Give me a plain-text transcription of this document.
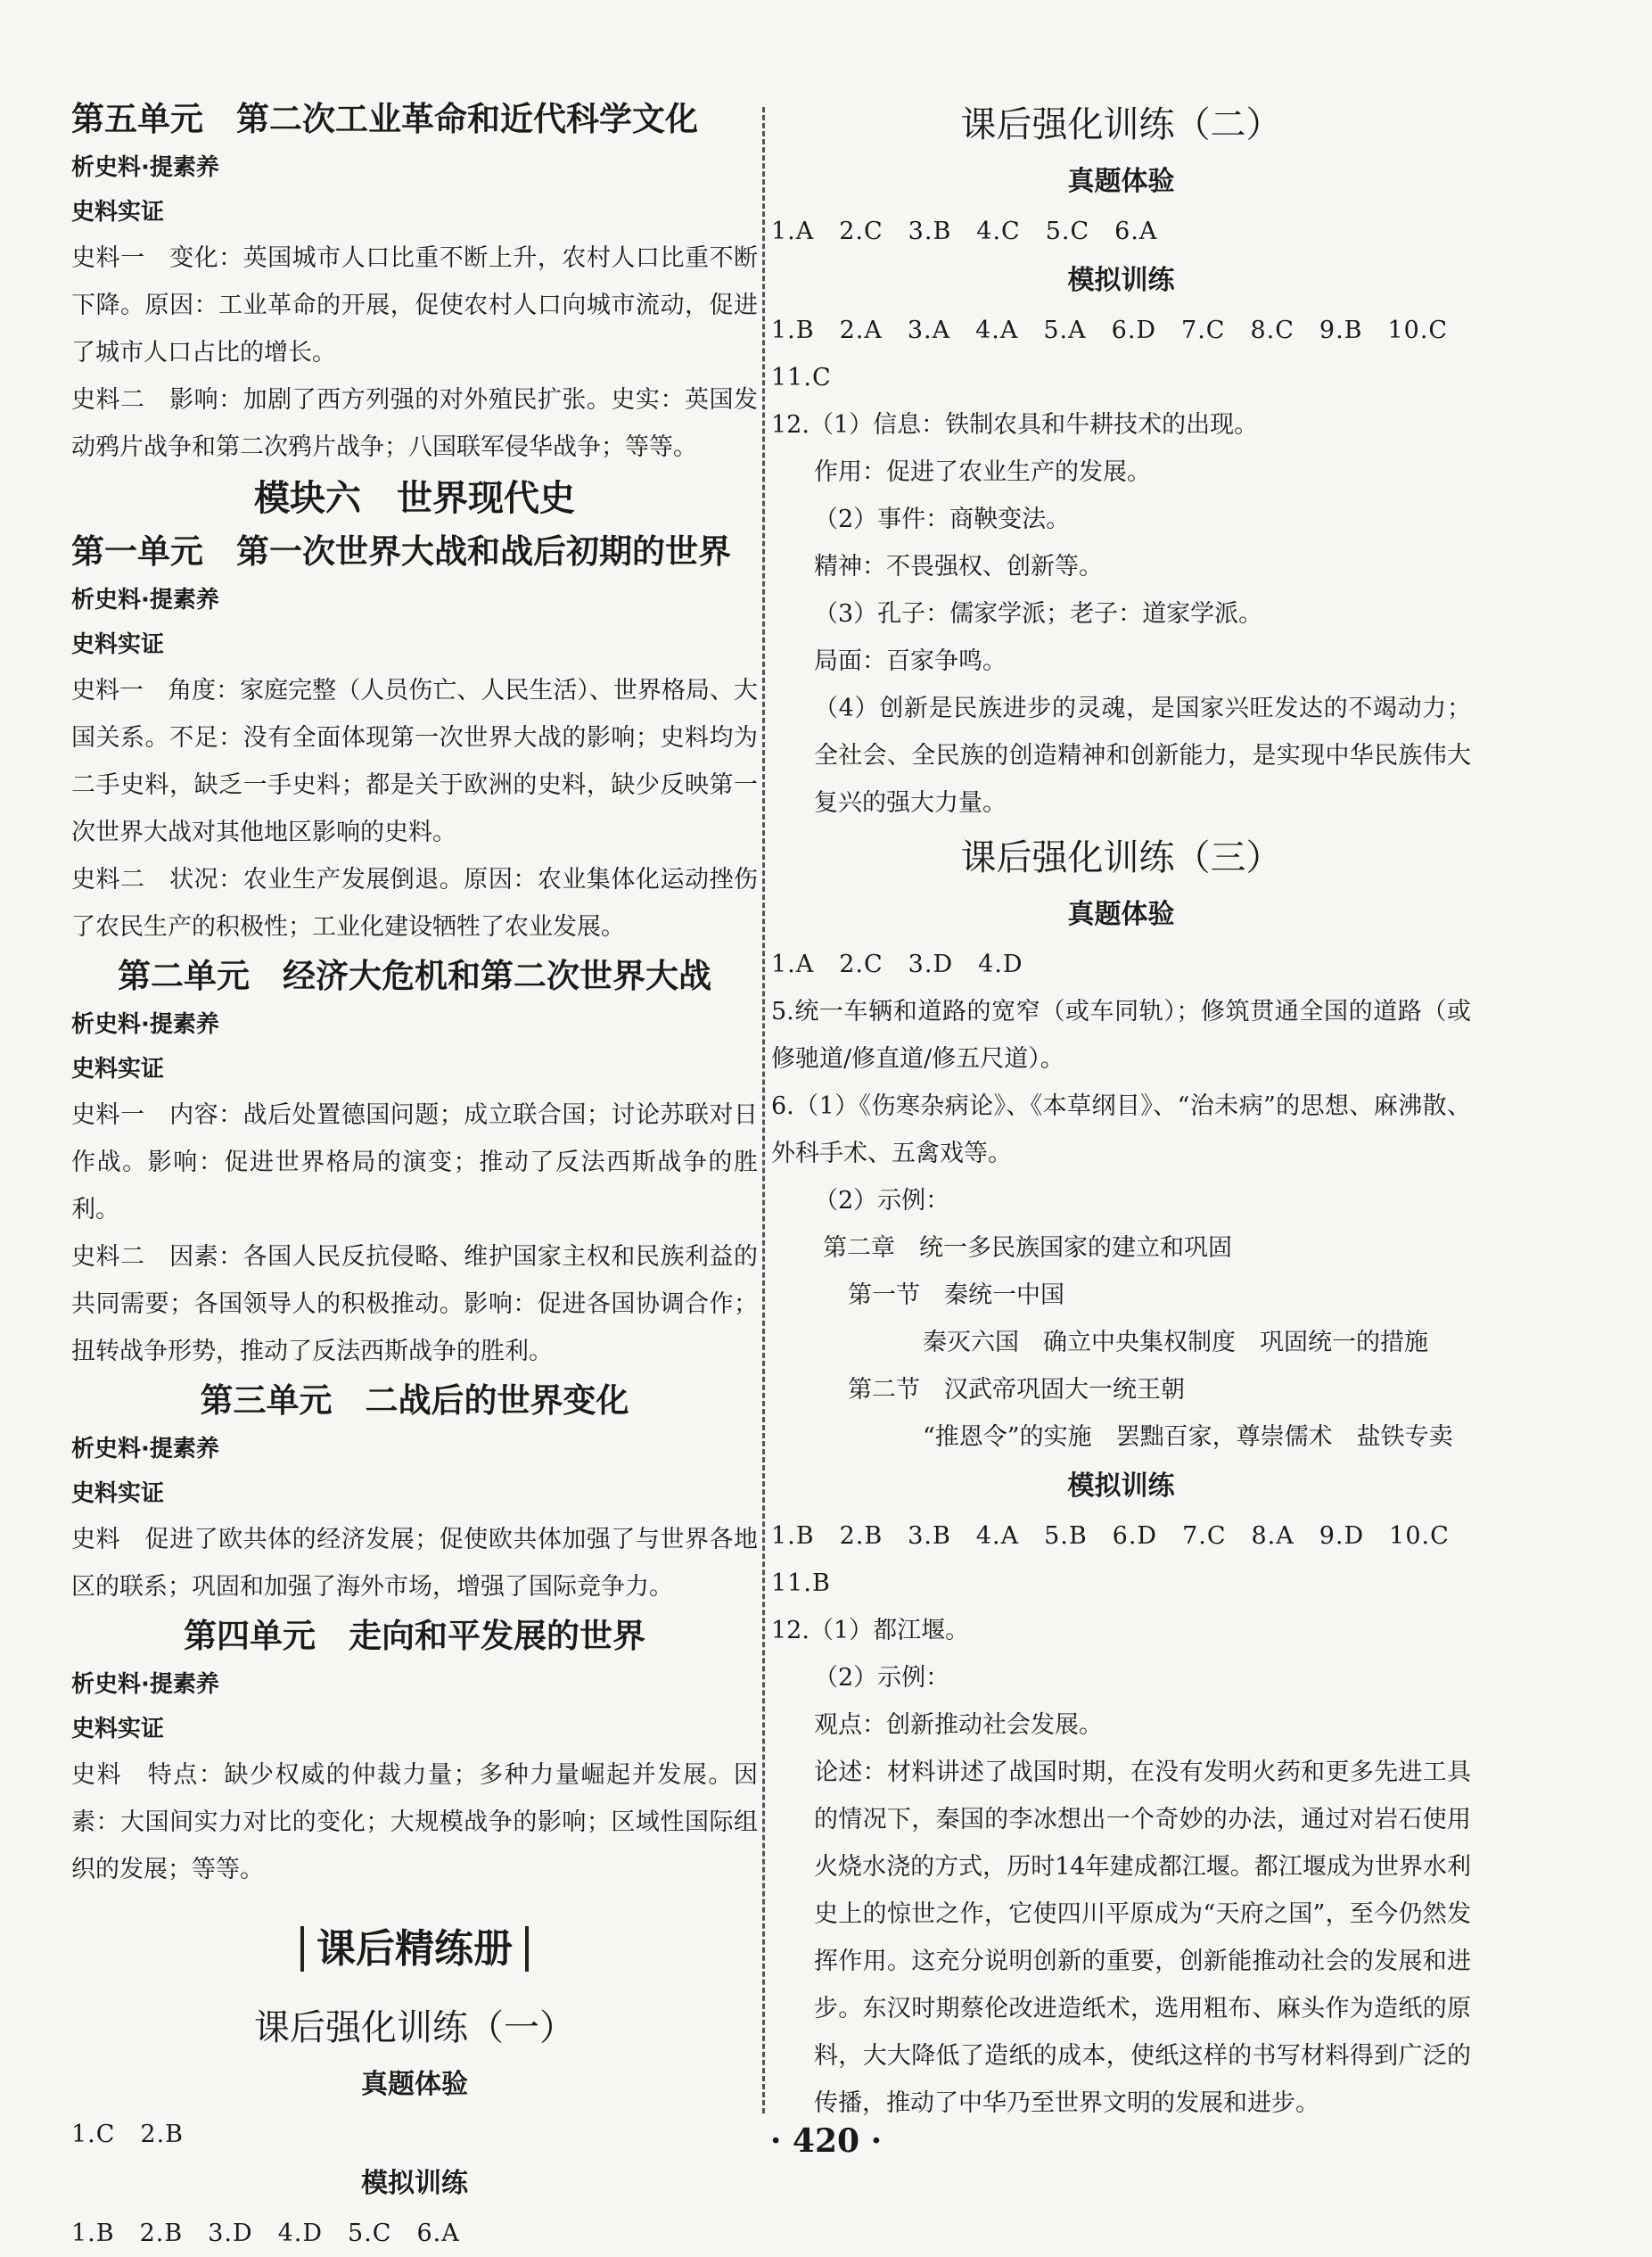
第五单元　第二次工业革命和近代科学文化
析史料·提素养
史料实证
史料一　变化：英国城市人口比重不断上升，农村人口比重不断下降。原因：工业革命的开展，促使农村人口向城市流动，促进了城市人口占比的增长。
史料二　影响：加剧了西方列强的对外殖民扩张。史实：英国发动鸦片战争和第二次鸦片战争；八国联军侵华战争；等等。
模块六　世界现代史
第一单元　第一次世界大战和战后初期的世界
析史料·提素养
史料实证
史料一　角度：家庭完整（人员伤亡、人民生活）、世界格局、大国关系。不足：没有全面体现第一次世界大战的影响；史料均为二手史料，缺乏一手史料；都是关于欧洲的史料，缺少反映第一次世界大战对其他地区影响的史料。
史料二　状况：农业生产发展倒退。原因：农业集体化运动挫伤了农民生产的积极性；工业化建设牺牲了农业发展。
第二单元　经济大危机和第二次世界大战
析史料·提素养
史料实证
史料一　内容：战后处置德国问题；成立联合国；讨论苏联对日作战。影响：促进世界格局的演变；推动了反法西斯战争的胜利。
史料二　因素：各国人民反抗侵略、维护国家主权和民族利益的共同需要；各国领导人的积极推动。影响：促进各国协调合作；扭转战争形势，推动了反法西斯战争的胜利。
第三单元　二战后的世界变化
析史料·提素养
史料实证
史料　促进了欧共体的经济发展；促使欧共体加强了与世界各地区的联系；巩固和加强了海外市场，增强了国际竞争力。
第四单元　走向和平发展的世界
析史料·提素养
史料实证
史料　特点：缺少权威的仲裁力量；多种力量崛起并发展。因素：大国间实力对比的变化；大规模战争的影响；区域性国际组织的发展；等等。
课后精练册
课后强化训练（一）
真题体验
1.C　2.B
模拟训练
1.B　2.B　3.D　4.D　5.C　6.A
课后强化训练（二）
真题体验
1.A　2.C　3.B　4.C　5.C　6.A
模拟训练
1.B　2.A　3.A　4.A　5.A　6.D　7.C　8.C　9.B　10.C
11.C
12.（1）信息：铁制农具和牛耕技术的出现。
作用：促进了农业生产的发展。
（2）事件：商鞅变法。
精神：不畏强权、创新等。
（3）孔子：儒家学派；老子：道家学派。
局面：百家争鸣。
（4）创新是民族进步的灵魂，是国家兴旺发达的不竭动力；全社会、全民族的创造精神和创新能力，是实现中华民族伟大复兴的强大力量。
课后强化训练（三）
真题体验
1.A　2.C　3.D　4.D
5.统一车辆和道路的宽窄（或车同轨）；修筑贯通全国的道路（或修驰道/修直道/修五尺道）。
6.（1）《伤寒杂病论》、《本草纲目》、“治未病”的思想、麻沸散、外科手术、五禽戏等。
（2）示例：
第二章　统一多民族国家的建立和巩固
第一节　秦统一中国
秦灭六国　确立中央集权制度　巩固统一的措施
第二节　汉武帝巩固大一统王朝
“推恩令”的实施　罢黜百家，尊崇儒术　盐铁专卖
模拟训练
1.B　2.B　3.B　4.A　5.B　6.D　7.C　8.A　9.D　10.C
11.B
12.（1）都江堰。
（2）示例：
观点：创新推动社会发展。
论述：材料讲述了战国时期，在没有发明火药和更多先进工具的情况下，秦国的李冰想出一个奇妙的办法，通过对岩石使用火烧水浇的方式，历时14年建成都江堰。都江堰成为世界水利史上的惊世之作，它使四川平原成为“天府之国”，至今仍然发挥作用。这充分说明创新的重要，创新能推动社会的发展和进步。东汉时期蔡伦改进造纸术，选用粗布、麻头作为造纸的原料，大大降低了造纸的成本，使纸这样的书写材料得到广泛的传播，推动了中华乃至世界文明的发展和进步。
· 420 ·
